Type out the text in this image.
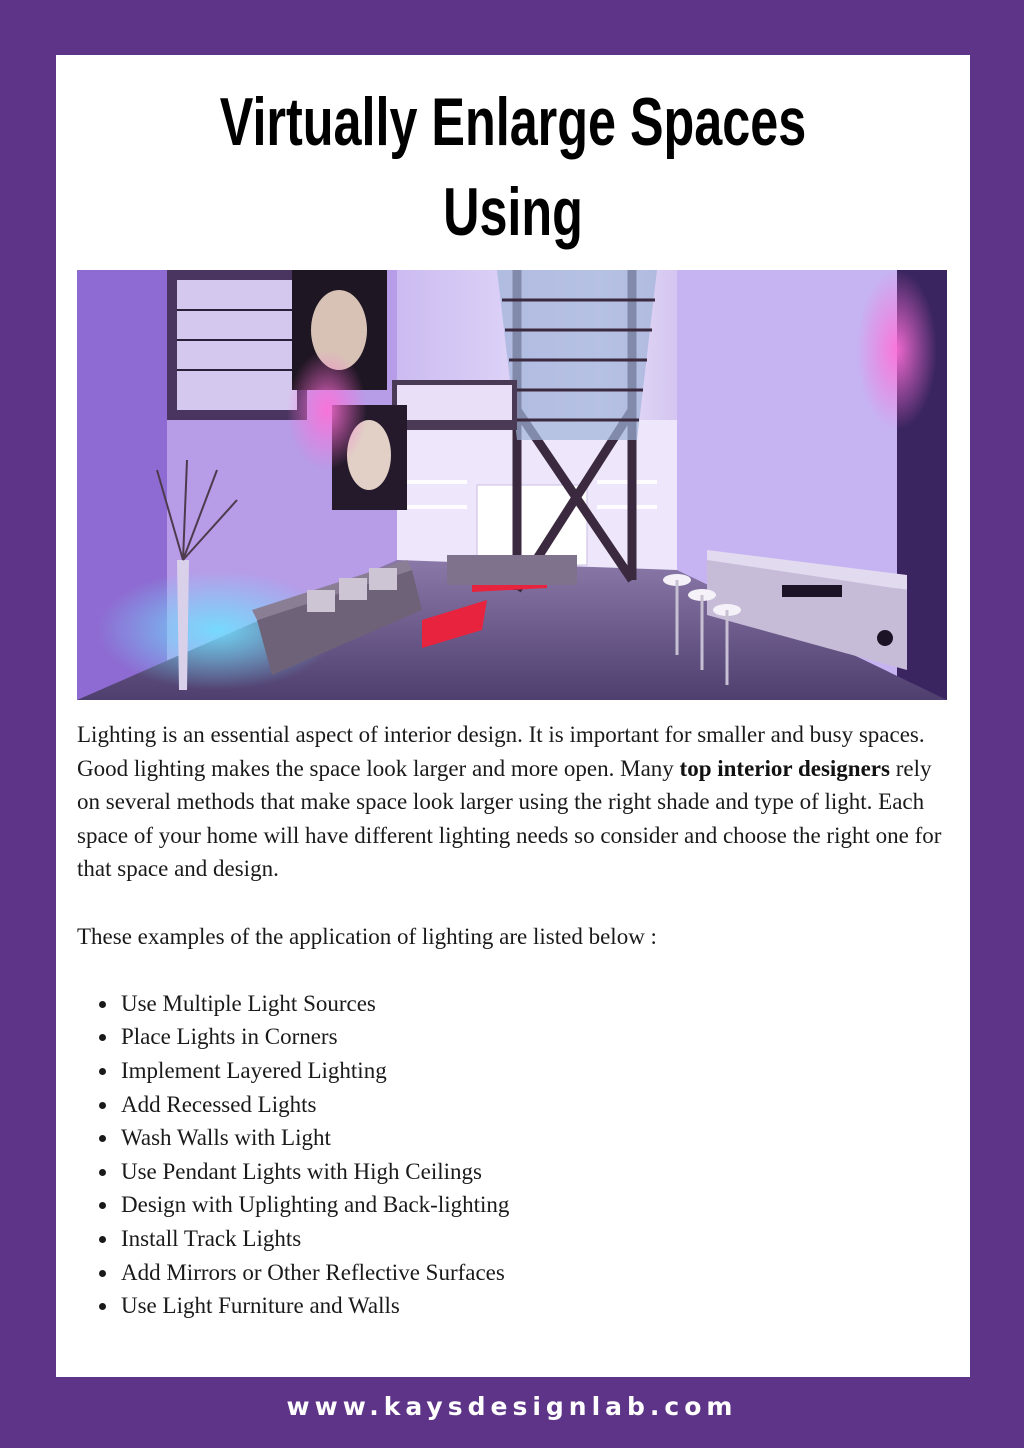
Virtually Enlarge Spaces Using

Lighting is an essential aspect of interior design. It is important for smaller and busy spaces. Good lighting makes the space look larger and more open. Many top interior designers rely on several methods that make space look larger using the right shade and type of light. Each space of your home will have different lighting needs so consider and choose the right one for that space and design.

These examples of the application of lighting are listed below :

Use Multiple Light Sources
Place Lights in Corners
Implement Layered Lighting
Add Recessed Lights
Wash Walls with Light
Use Pendant Lights with High Ceilings
Design with Uplighting and Back-lighting
Install Track Lights
Add Mirrors or Other Reflective Surfaces
Use Light Furniture and Walls
www.kaysdesignlab.com
